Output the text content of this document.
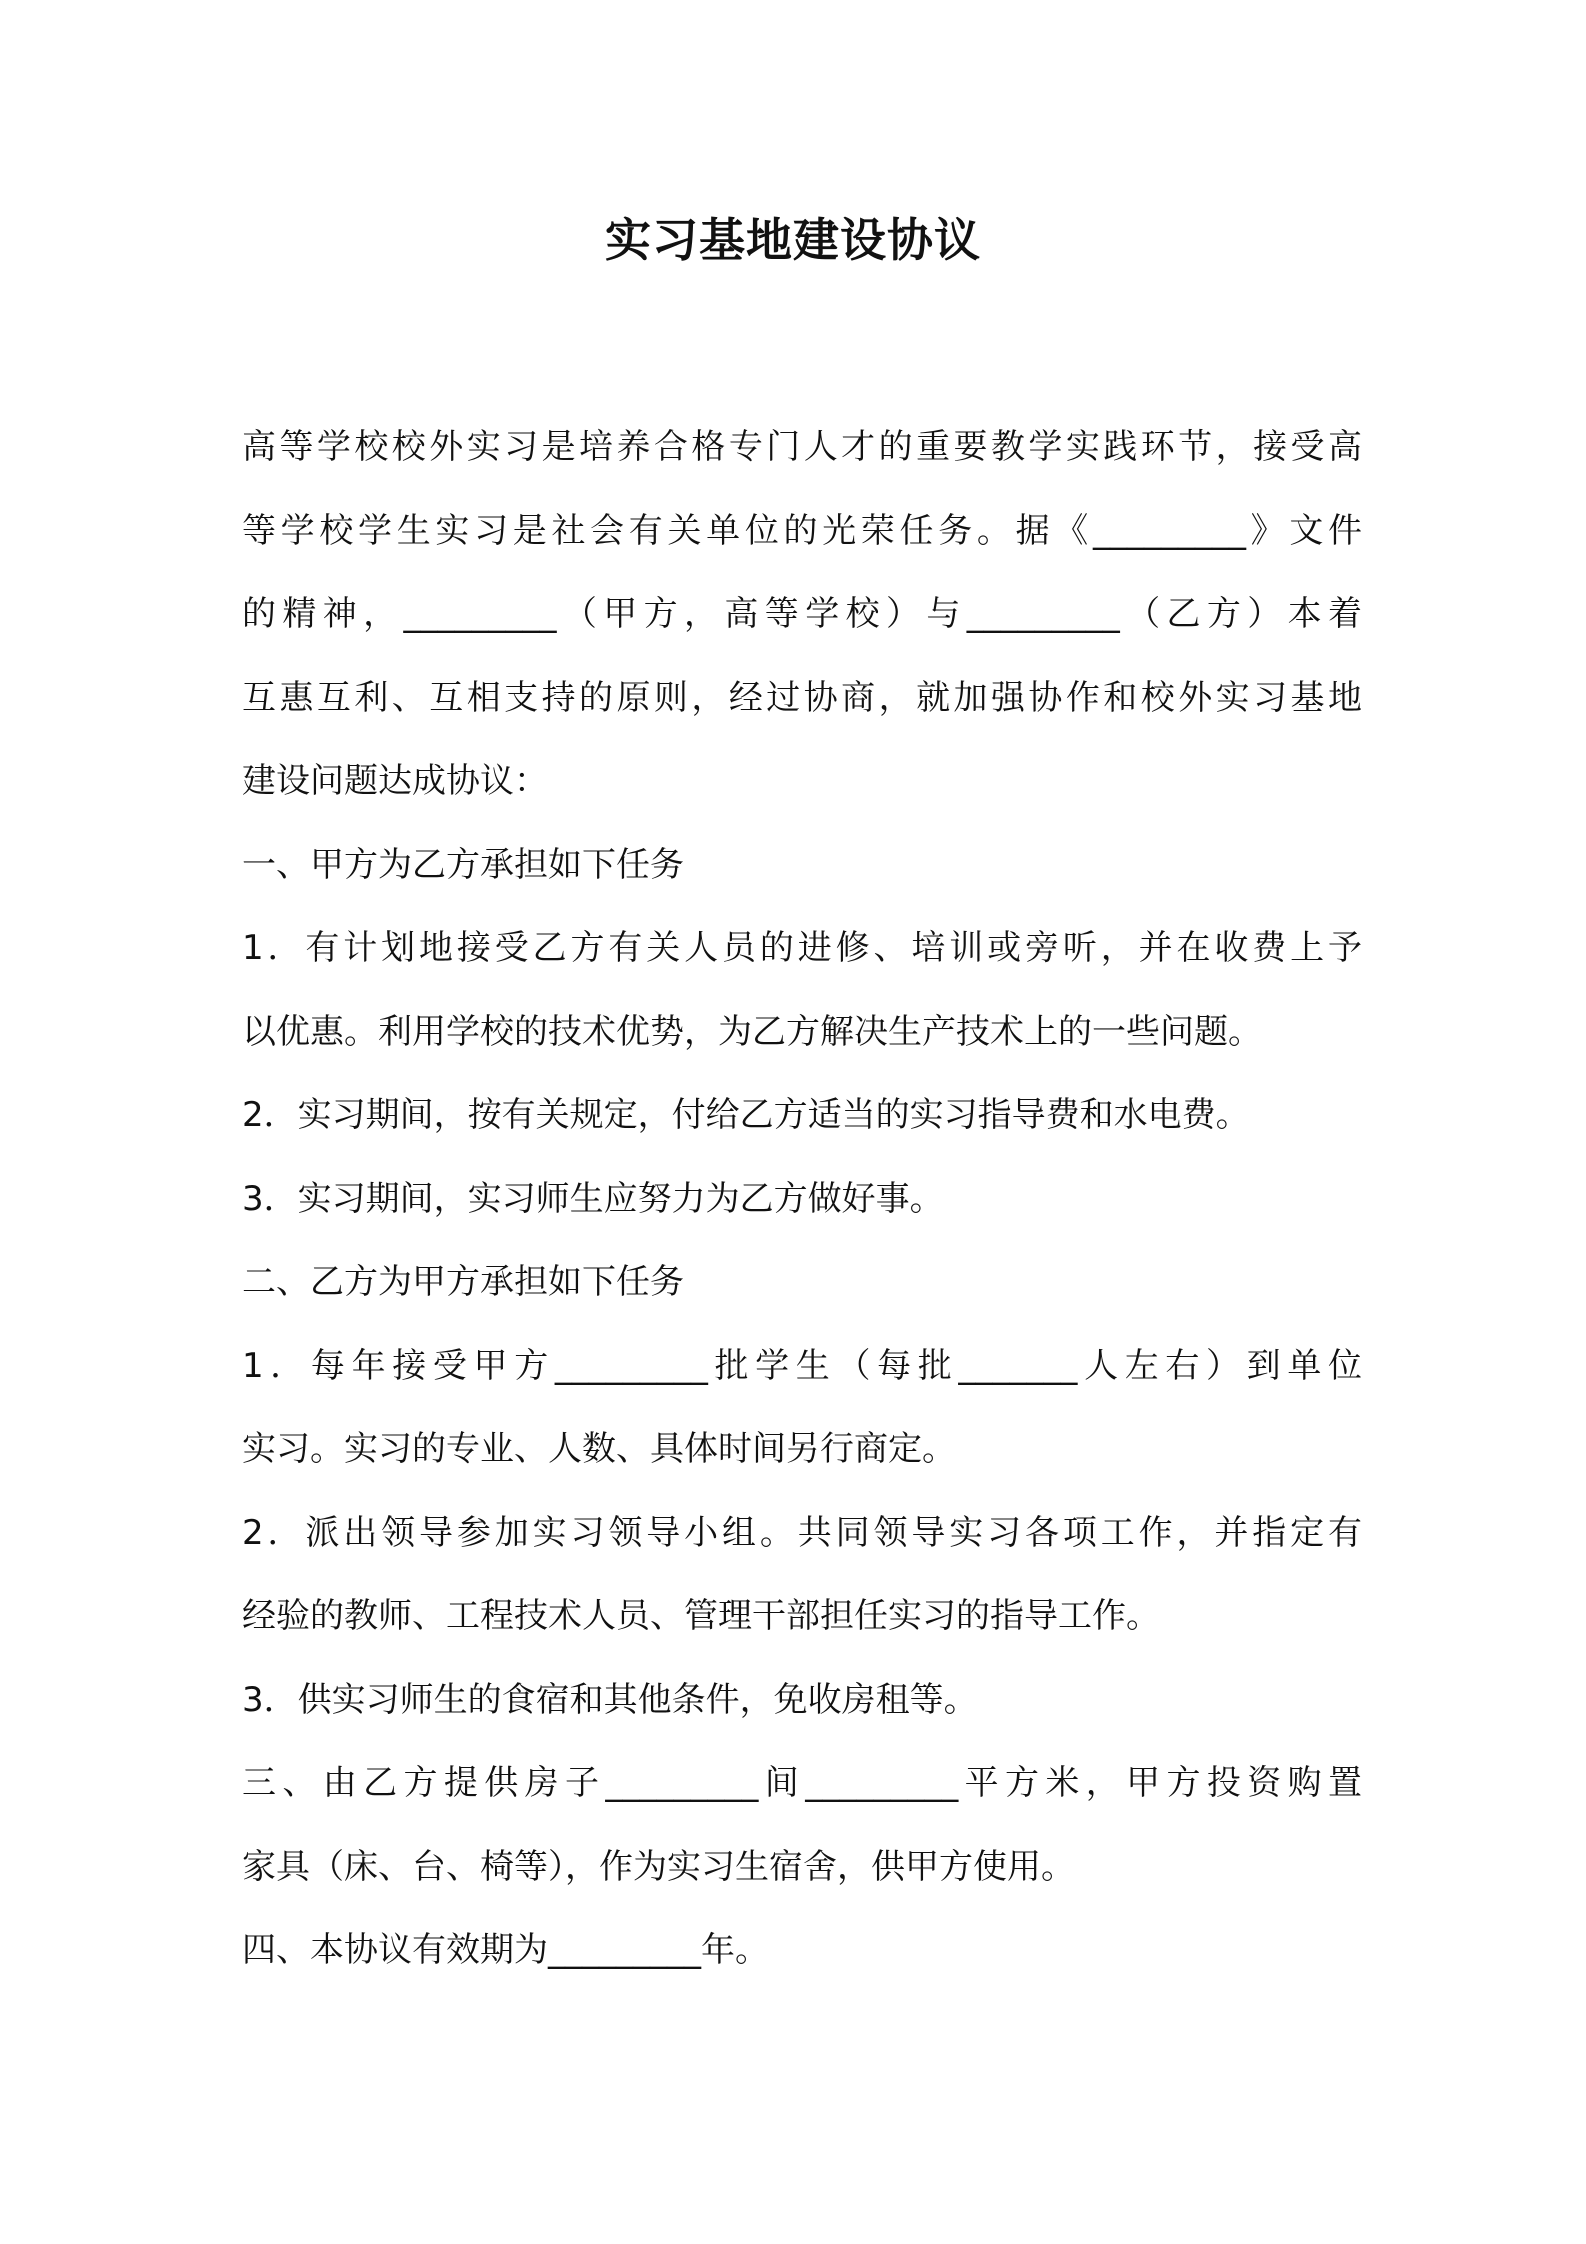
实习基地建设协议
高等学校校外实习是培养合格专门人才的重要教学实践环节，接受高
等学校学生实习是社会有关单位的光荣任务。据《_________》文件
的精神，_________（甲方，高等学校）与_________（乙方）本着
互惠互利、互相支持的原则，经过协商，就加强协作和校外实习基地
建设问题达成协议：
一、甲方为乙方承担如下任务
1．有计划地接受乙方有关人员的进修、培训或旁听，并在收费上予
以优惠。利用学校的技术优势，为乙方解决生产技术上的一些问题。
2．实习期间，按有关规定，付给乙方适当的实习指导费和水电费。
3．实习期间，实习师生应努力为乙方做好事。
二、乙方为甲方承担如下任务
1．每年接受甲方_________批学生（每批_______人左右）到单位
实习。实习的专业、人数、具体时间另行商定。
2．派出领导参加实习领导小组。共同领导实习各项工作，并指定有
经验的教师、工程技术人员、管理干部担任实习的指导工作。
3．供实习师生的食宿和其他条件，免收房租等。
三、由乙方提供房子_________间_________平方米，甲方投资购置
家具（床、台、椅等），作为实习生宿舍，供甲方使用。
四、本协议有效期为_________年。
